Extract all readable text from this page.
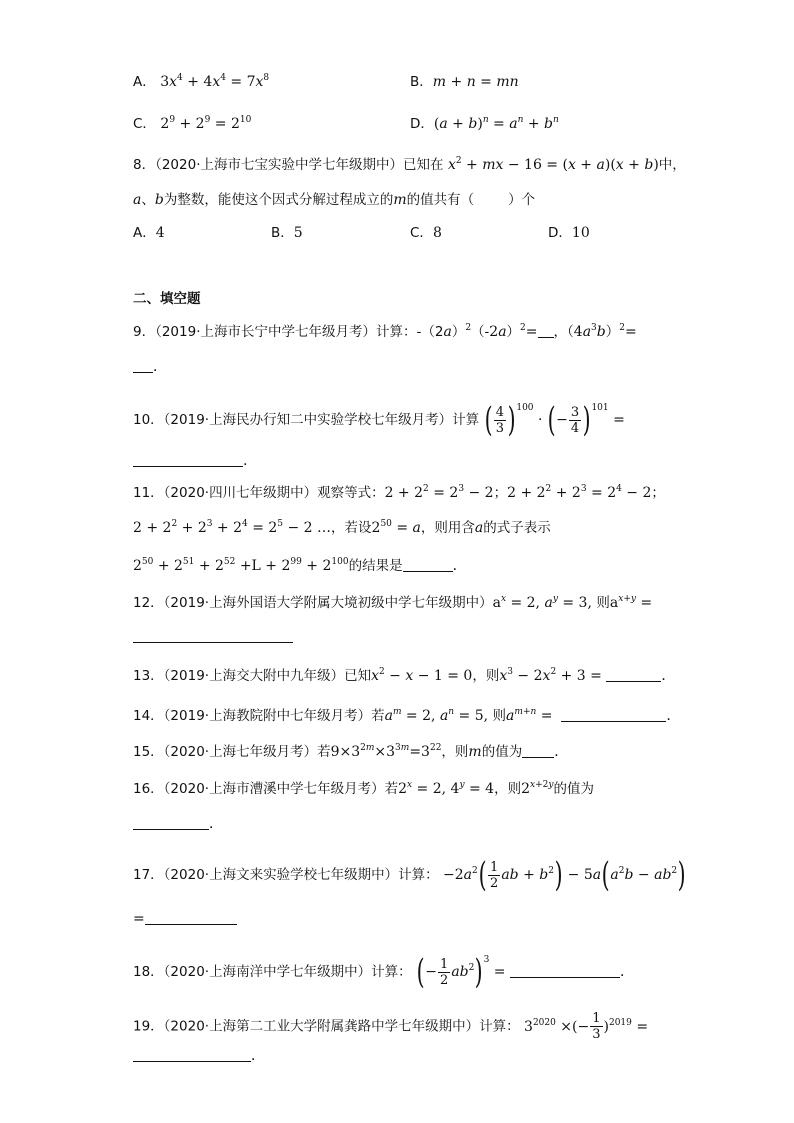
A． $3x^4 + 4x^4 = 7x^8$	B．m + n = mn
C． $2^9 + 2^9 = 2^{10}$	D．$(a + b)^n = a^n + b^n$
8．（2020·上海市七宝实验中学七年级期中）已知在 $x^2$ + mx − 16 = (x + a)(x + b)中，
a、b为整数，能使这个因式分解过程成立的m的值共有（	）个
A．4	B．5	C．8	D．10
二、填空题
9．（2019·上海市长宁中学七年级月考）计算：$-(2a)^2(-2a)^2=$ ，$(4a^3b)^2=$
．
10．（2019·上海民办行知二中实验学校七年级月考）计算 ( $\frac{4}{3} )^{100}$ · (− $\frac{3}{4} )^{101}$ =
.
11．（2020·四川七年级期中）观察等式：$2 + 2^2 = 2^3 - 2$；$2 + 2^2 + 2^3 = 2^4 - 2$；
$2 + 2^2 + 2^3 + 2^4 = 2^5 - 2$ …，若设$2^{50} = a$，则用含a的式子表示
$2^{50} + 2^{51} + 2^{52} +L + 2^{99} + 2^{100}$的结果是	．
12．（2019·上海外国语大学附属大境初级中学七年级期中）$a^x = 2$, $a^y = 3$, 则$a^{x+y}$ =
13．（2019·上海交大附中九年级）已知$x^2 - x - 1 = 0$，则$x^3 - 2x^2 + 3$ =	．
14．（2019·上海教院附中七年级月考）若$a^m = 2$, $a^n = 5$, 则$a^{m+n}$ =	.
15．（2020·上海七年级月考）若$9\times 3^{2m}\times 3^{3m}=3^{22}$，则m的值为 ．
16．（2020·上海市漕溪中学七年级月考）若$2^x = 2$, $4^y = 4$，则$2^{x+2y}$的值为
．
17．（2020·上海文来实验学校七年级期中）计算： $-2a^2( \frac{1}{2}$ ab + $b^2) - 5a(a^2b - ab^2)$
=
18．（2020·上海南洋中学七年级期中）计算： (− $\frac{1}{2} ab^2)^3$ =	．
19．（2020·上海第二工业大学附属龚路中学七年级期中）计算： $3^{2020}$ ×(− $\frac{1}{3} )^{2019}$ =
．
